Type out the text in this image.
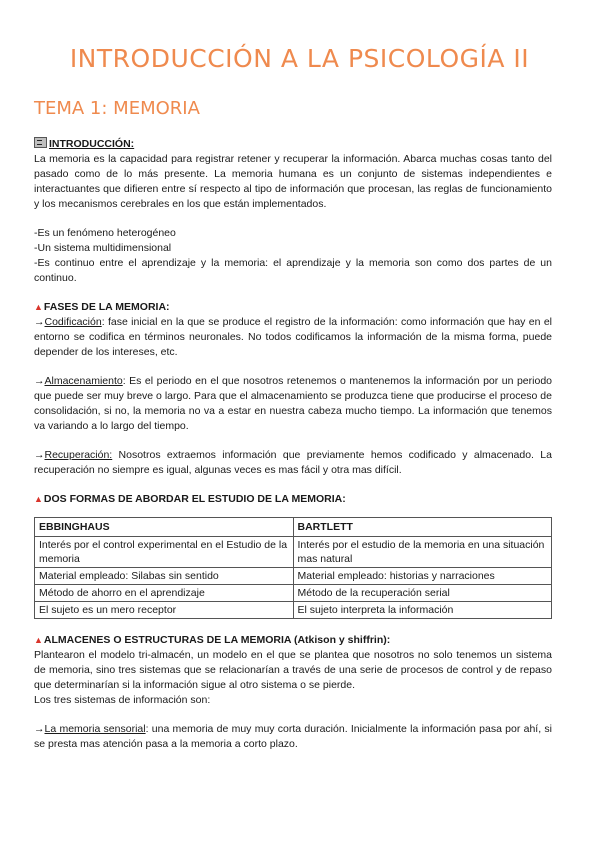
INTRODUCCIÓN A LA PSICOLOGÍA II
TEMA 1: MEMORIA
INTRODUCCIÓN:

La memoria es la capacidad para registrar retener y recuperar la información. Abarca muchas cosas tanto del pasado como de lo más presente. La memoria humana es un conjunto de sistemas independientes e interactuantes que difieren entre sí respecto al tipo de información que procesan, las reglas de funcionamiento y los mecanismos cerebrales en los que están implementados.

-Es un fenómeno heterogéneo

-Un sistema multidimensional

-Es continuo entre el aprendizaje y la memoria: el aprendizaje y la memoria son como dos partes de un continuo.

▲FASES DE LA MEMORIA:

→Codificación: fase inicial en la que se produce el registro de la información: como información que hay en el entorno se codifica en términos neuronales. No todos codificamos la información de la misma forma, puede depender de los intereses, etc.

→Almacenamiento: Es el periodo en el que nosotros retenemos o mantenemos la información por un periodo que puede ser muy breve o largo. Para que el almacenamiento se produzca tiene que producirse el proceso de consolidación, si no, la memoria no va a estar en nuestra cabeza mucho tiempo. La información que tenemos va variando a lo largo del tiempo.

→Recuperación: Nosotros extraemos información que previamente hemos codificado y almacenado. La recuperación no siempre es igual, algunas veces es mas fácil y otra mas difícil.

▲DOS FORMAS DE ABORDAR EL ESTUDIO DE LA MEMORIA:
EBBINGHAUS	BARTLETT
Interés por el control experimental en el Estudio de la memoria	Interés por el estudio de la memoria en una situación mas natural
Material empleado: Silabas sin sentido	Material empleado: historias y narraciones
Método de ahorro en el aprendizaje	Método de la recuperación serial
El sujeto es un mero receptor	El sujeto interpreta la información
▲ALMACENES O ESTRUCTURAS DE LA MEMORIA (Atkison y shiffrin):

Plantearon el modelo tri-almacén, un modelo en el que se plantea que nosotros no solo tenemos un sistema de memoria, sino tres sistemas que se relacionarían a través de una serie de procesos de control y de repaso que determinarían si la información sigue al otro sistema o se pierde.

Los tres sistemas de información son:

→La memoria sensorial: una memoria de muy muy corta duración. Inicialmente la información pasa por ahí, si se presta mas atención pasa a la memoria a corto plazo.
